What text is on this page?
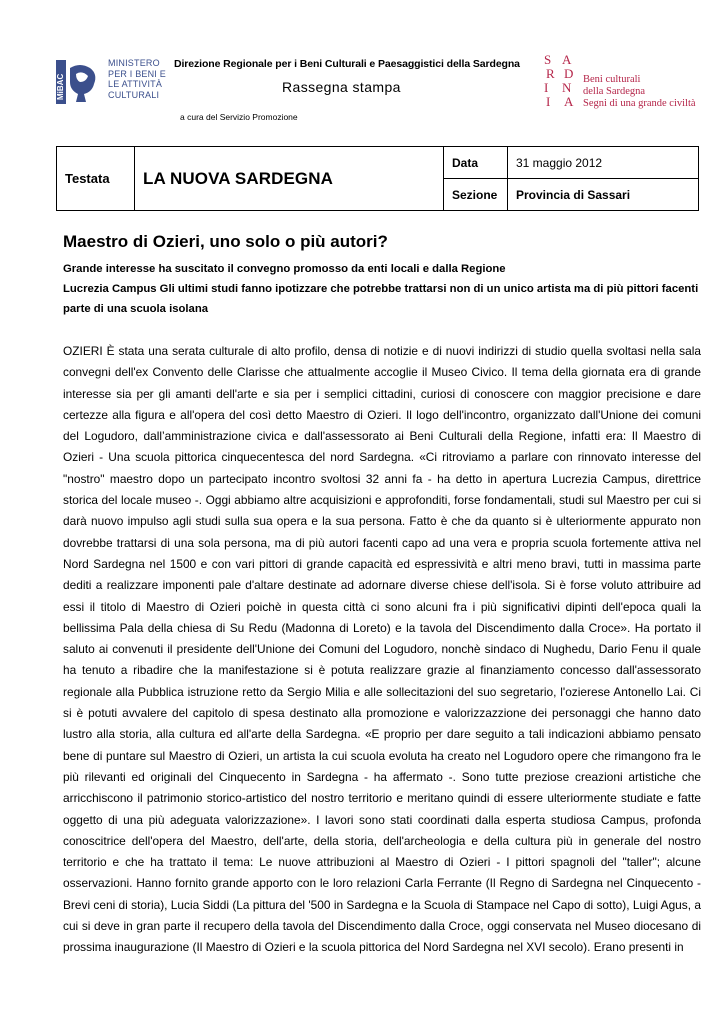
MiBAC
MINISTERO
PER I BENI E
LE ATTIVITÀ
CULTURALI
Direzione Regionale per i Beni Culturali e Paesaggistici della Sardegna
Rassegna stampa
a cura del Servizio Promozione
S A
R D
I N
I A
Beni culturali
della Sardegna
Segni di una grande civiltà
Testata	LA NUOVA SARDEGNA	Data	31 maggio 2012
		Sezione	Provincia di Sassari
Maestro di Ozieri, uno solo o più autori?

Grande interesse ha suscitato il convegno promosso da enti locali e dalla Regione

Lucrezia Campus Gli ultimi studi fanno ipotizzare che potrebbe trattarsi non di un unico artista ma di più pittori facenti parte di una scuola isolana

OZIERI È stata una serata culturale di alto profilo, densa di notizie e di nuovi indirizzi di studio quella svoltasi nella sala convegni dell'ex Convento delle Clarisse che attualmente accoglie il Museo Civico. Il tema della giornata era di grande interesse sia per gli amanti dell'arte e sia per i semplici cittadini, curiosi di conoscere con maggior precisione e dare certezze alla figura e all'opera del così detto Maestro di Ozieri. Il logo dell'incontro, organizzato dall'Unione dei comuni del Logudoro, dall’amministrazione civica e dall'assessorato ai Beni Culturali della Regione, infatti era: Il Maestro di Ozieri - Una scuola pittorica cinquecentesca del nord Sardegna. «Ci ritroviamo a parlare con rinnovato interesse del "nostro" maestro dopo un partecipato incontro svoltosi 32 anni fa - ha detto in apertura Lucrezia Campus, direttrice storica del locale museo -. Oggi abbiamo altre acquisizioni e approfonditi, forse fondamentali, studi sul Maestro per cui si darà nuovo impulso agli studi sulla sua opera e la sua persona. Fatto è che da quanto si è ulteriormente appurato non dovrebbe trattarsi di una sola persona, ma di più autori facenti capo ad una vera e propria scuola fortemente attiva nel Nord Sardegna nel 1500 e con vari pittori di grande capacità ed espressività e altri meno bravi, tutti in massima parte dediti a realizzare imponenti pale d'altare destinate ad adornare diverse chiese dell'isola. Si è forse voluto attribuire ad essi il titolo di Maestro di Ozieri poichè in questa città ci sono alcuni fra i più significativi dipinti dell'epoca quali la bellissima Pala della chiesa di Su Redu (Madonna di Loreto) e la tavola del Discendimento dalla Croce». Ha portato il saluto ai convenuti il presidente dell'Unione dei Comuni del Logudoro, nonchè sindaco di Nughedu, Dario Fenu il quale ha tenuto a ribadire che la manifestazione si è potuta realizzare grazie al finanziamento concesso dall'assessorato regionale alla Pubblica istruzione retto da Sergio Milia e alle sollecitazioni del suo segretario, l'ozierese Antonello Lai. Ci si è potuti avvalere del capitolo di spesa destinato alla promozione e valorizzazzione dei personaggi che hanno dato lustro alla storia, alla cultura ed all'arte della Sardegna. «E proprio per dare seguito a tali indicazioni abbiamo pensato bene di puntare sul Maestro di Ozieri, un artista la cui scuola evoluta ha creato nel Logudoro opere che rimangono fra le più rilevanti ed originali del Cinquecento in Sardegna - ha affermato -. Sono tutte preziose creazioni artistiche che arricchiscono il patrimonio storico-artistico del nostro territorio e meritano quindi di essere ulteriormente studiate e fatte oggetto di una più adeguata valorizzazione». I lavori sono stati coordinati dalla esperta studiosa Campus, profonda conoscitrice dell'opera del Maestro, dell'arte, della storia, dell'archeologia e della cultura più in generale del nostro territorio e che ha trattato il tema: Le nuove attribuzioni al Maestro di Ozieri - I pittori spagnoli del "taller"; alcune osservazioni. Hanno fornito grande apporto con le loro relazioni Carla Ferrante (Il Regno di Sardegna nel Cinquecento - Brevi ceni di storia), Lucia Siddi (La pittura del '500 in Sardegna e la Scuola di Stampace nel Capo di sotto), Luigi Agus, a cui si deve in gran parte il recupero della tavola del Discendimento dalla Croce, oggi conservata nel Museo diocesano di prossima inaugurazione (Il Maestro di Ozieri e la scuola pittorica del Nord Sardegna nel XVI secolo). Erano presenti in
